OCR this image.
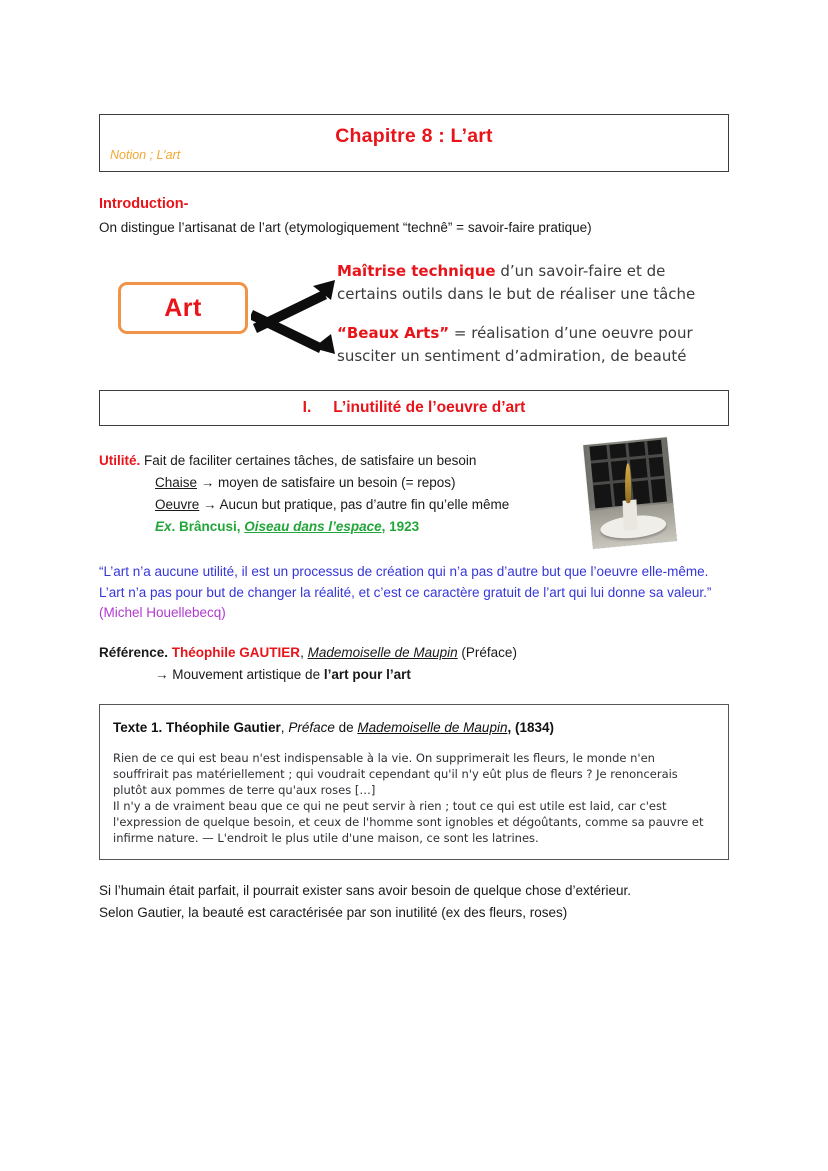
Chapitre 8 : L’art
Notion ; L’art
Introduction-
On distingue l’artisanat de l’art (etymologiquement “technê” = savoir-faire pratique)
Art
Maîtrise technique d’un savoir-faire et de certains outils dans le but de réaliser une tâche
“Beaux Arts” = réalisation d’une oeuvre pour susciter un sentiment d’admiration, de beauté
I. L’inutilité de l’oeuvre d’art
Utilité. Fait de faciliter certaines tâches, de satisfaire un besoin
Chaise → moyen de satisfaire un besoin (= repos)
Oeuvre → Aucun but pratique, pas d’autre fin qu’elle même
Ex. Brâncusi, Oiseau dans l’espace, 1923
“L’art n’a aucune utilité, il est un processus de création qui n’a pas d’autre but que l’oeuvre elle-même. L’art n’a pas pour but de changer la réalité, et c’est ce caractère gratuit de l’art qui lui donne sa valeur.” (Michel Houellebecq)
Référence. Théophile GAUTIER, Mademoiselle de Maupin (Préface)
→ Mouvement artistique de l’art pour l’art
Texte 1. Théophile Gautier, Préface de Mademoiselle de Maupin, (1834)

Rien de ce qui est beau n'est indispensable à la vie. On supprimerait les fleurs, le monde n'en souffrirait pas matériellement ; qui voudrait cependant qu'il n'y eût plus de fleurs ? Je renoncerais plutôt aux pommes de terre qu'aux roses […]

Il n'y a de vraiment beau que ce qui ne peut servir à rien ; tout ce qui est utile est laid, car c'est l'expression de quelque besoin, et ceux de l'homme sont ignobles et dégoûtants, comme sa pauvre et infirme nature. — L'endroit le plus utile d'une maison, ce sont les latrines.

Si l’humain était parfait, il pourrait exister sans avoir besoin de quelque chose d’extérieur.
Selon Gautier, la beauté est caractérisée par son inutilité (ex des fleurs, roses)
